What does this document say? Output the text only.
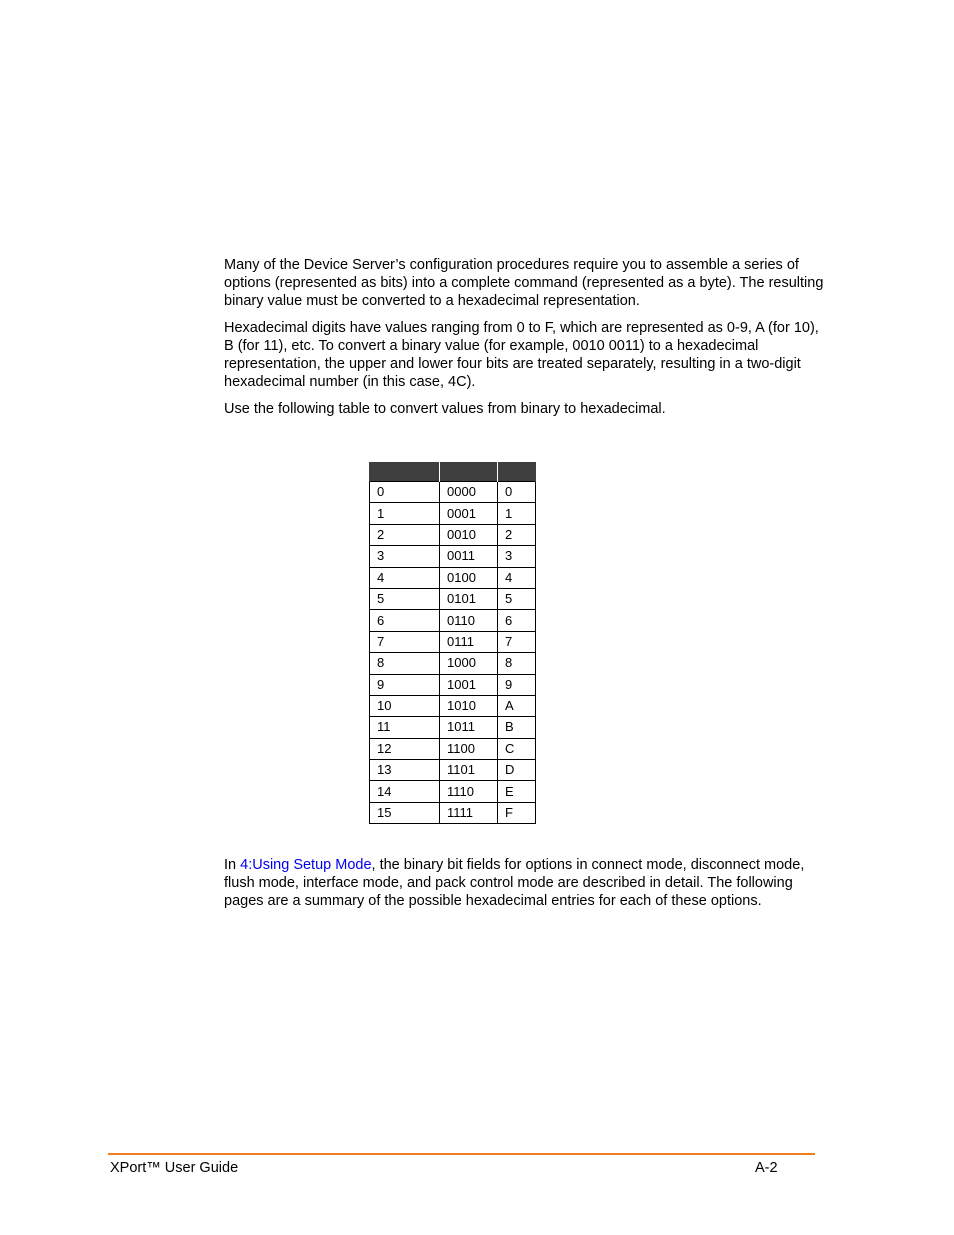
Many of the Device Server’s configuration procedures require you to assemble a series of options (represented as bits) into a complete command (represented as a byte). The resulting binary value must be converted to a hexadecimal representation.

Hexadecimal digits have values ranging from 0 to F, which are represented as 0-9, A (for 10), B (for 11), etc. To convert a binary value (for example, 0010 0011) to a hexadecimal representation, the upper and lower four bits are treated separately, resulting in a two-digit hexadecimal number (in this case, 4C).

Use the following table to convert values from binary to hexadecimal.

0	0000	0
1	0001	1
2	0010	2
3	0011	3
4	0100	4
5	0101	5
6	0110	6
7	0111	7
8	1000	8
9	1001	9
10	1010	A
11	1011	B
12	1100	C
13	1101	D
14	1110	E
15	1111	F

In 4:Using Setup Mode, the binary bit fields for options in connect mode, disconnect mode, flush mode, interface mode, and pack control mode are described in detail. The following pages are a summary of the possible hexadecimal entries for each of these options.

XPort™ User Guide	A-2
